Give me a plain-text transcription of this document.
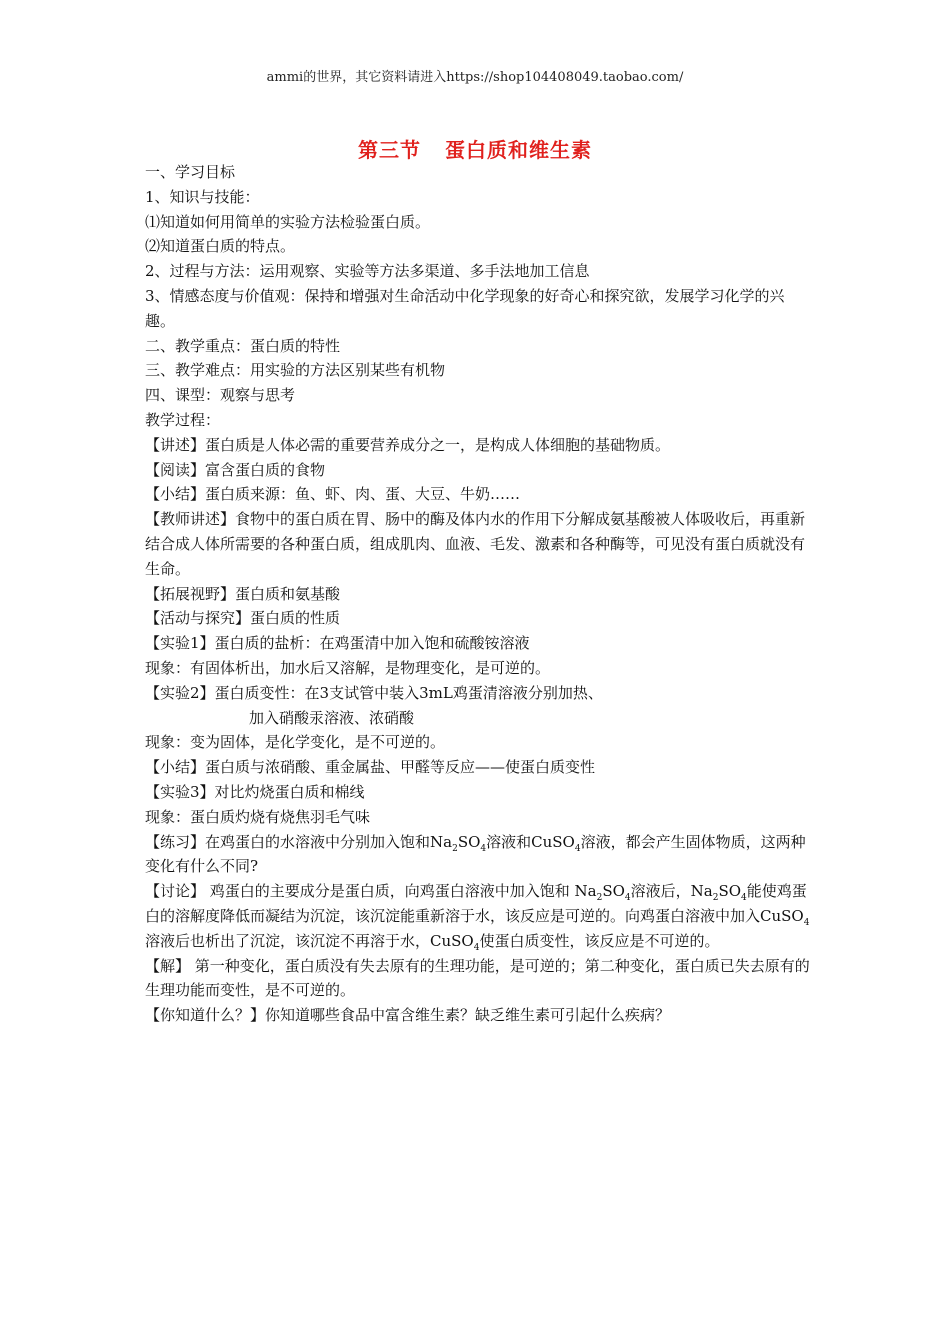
ammi的世界，其它资料请进入https://shop104408049.taobao.com/
第三节 蛋白质和维生素

一、学习目标

1、知识与技能：

⑴知道如何用简单的实验方法检验蛋白质。

⑵知道蛋白质的特点。

2、过程与方法：运用观察、实验等方法多渠道、多手法地加工信息

3、情感态度与价值观：保持和增强对生命活动中化学现象的好奇心和探究欲，发展学习化学的兴趣。

二、教学重点：蛋白质的特性

三、教学难点：用实验的方法区别某些有机物

四、课型：观察与思考

教学过程：

【讲述】蛋白质是人体必需的重要营养成分之一，是构成人体细胞的基础物质。

【阅读】富含蛋白质的食物

【小结】蛋白质来源：鱼、虾、肉、蛋、大豆、牛奶……

【教师讲述】食物中的蛋白质在胃、肠中的酶及体内水的作用下分解成氨基酸被人体吸收后，再重新结合成人体所需要的各种蛋白质，组成肌肉、血液、毛发、激素和各种酶等，可见没有蛋白质就没有生命。

【拓展视野】蛋白质和氨基酸

【活动与探究】蛋白质的性质

【实验1】蛋白质的盐析：在鸡蛋清中加入饱和硫酸铵溶液

现象：有固体析出，加水后又溶解，是物理变化，是可逆的。

【实验2】蛋白质变性：在3支试管中装入3mL鸡蛋清溶液分别加热、

加入硝酸汞溶液、浓硝酸

现象：变为固体，是化学变化，是不可逆的。

【小结】蛋白质与浓硝酸、重金属盐、甲醛等反应——使蛋白质变性

【实验3】对比灼烧蛋白质和棉线

现象：蛋白质灼烧有烧焦羽毛气味

【练习】在鸡蛋白的水溶液中分别加入饱和$Na_2SO_4$溶液和CuSO$_4$溶液，都会产生固体物质，这两种变化有什么不同?

【讨论】 鸡蛋白的主要成分是蛋白质，向鸡蛋白溶液中加入饱和 $Na_2SO_4$溶液后，$Na_2SO_4$能使鸡蛋白的溶解度降低而凝结为沉淀，该沉淀能重新溶于水，该反应是可逆的。向鸡蛋白溶液中加入CuSO$_4$溶液后也析出了沉淀，该沉淀不再溶于水，CuSO$_4$使蛋白质变性，该反应是不可逆的。

【解】 第一种变化，蛋白质没有失去原有的生理功能，是可逆的；第二种变化，蛋白质已失去原有的生理功能而变性，是不可逆的。

【你知道什么？】你知道哪些食品中富含维生素？缺乏维生素可引起什么疾病？
